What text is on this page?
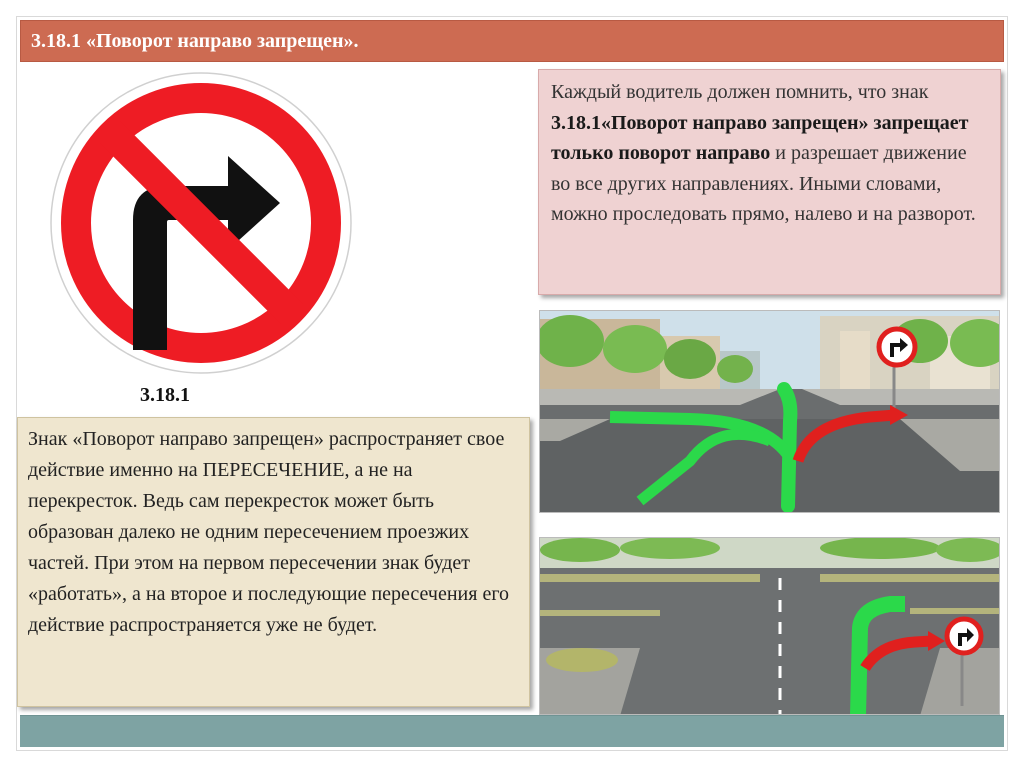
3.18.1 «Поворот направо запрещен».
3.18.1
Каждый водитель должен помнить, что знак 3.18.1«Поворот направо запрещен» запрещает только поворот направо и разрешает движение во все других направлениях. Иными словами, можно проследовать прямо, налево и на разворот.
Знак «Поворот направо запрещен» распространяет свое действие именно на ПЕРЕСЕЧЕНИЕ, а не на перекресток. Ведь сам перекресток может быть образован далеко не одним пересечением проезжих частей. При этом на первом пересечении знак будет «работать», а на второе и последующие пересечения его действие распространяется уже не будет.
